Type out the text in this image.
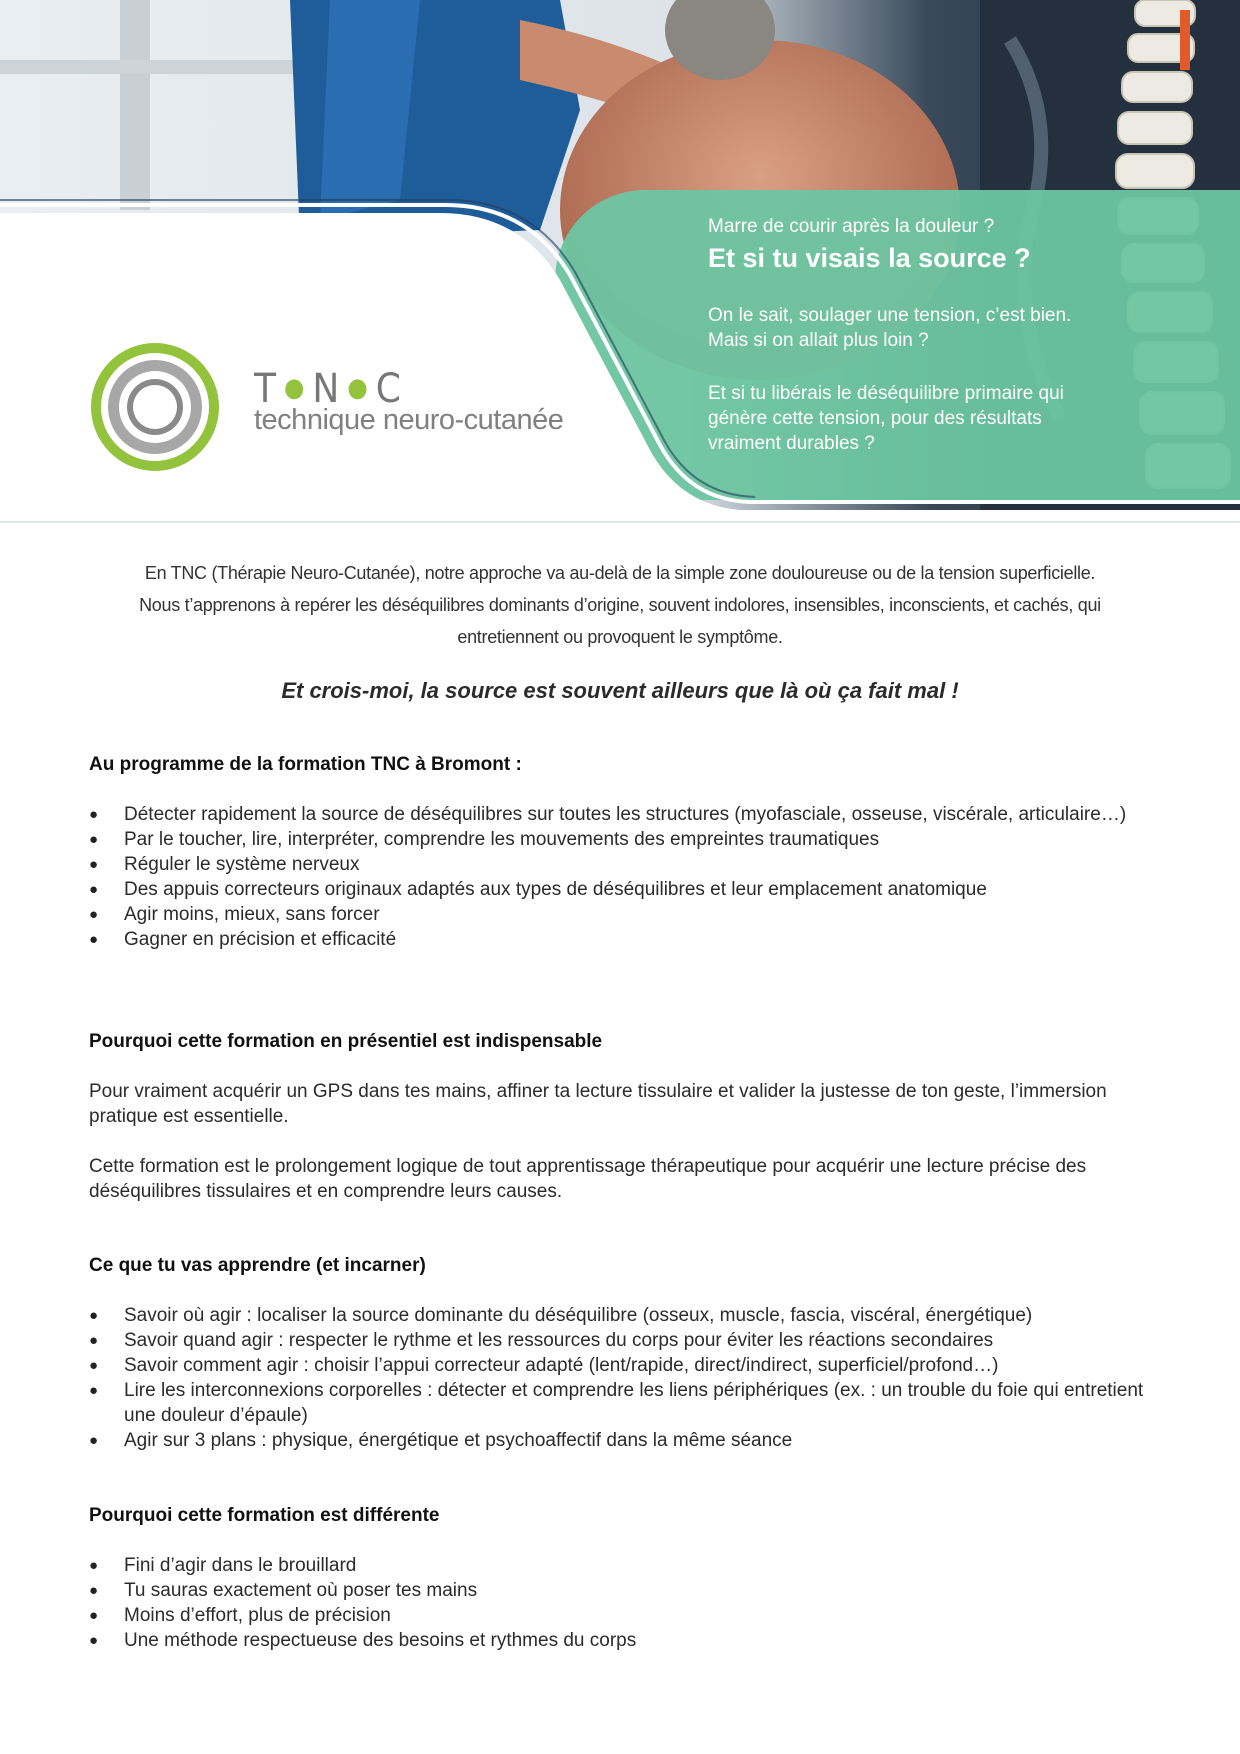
T ● N ● C
technique neuro-cutanée

Marre de courir après la douleur ?

Et si tu visais la source ?

On le sait, soulager une tension, c’est bien.
Mais si on allait plus loin ?

Et si tu libérais le déséquilibre primaire qui
génère cette tension, pour des résultats
vraiment durables ?

En TNC (Thérapie Neuro-Cutanée), notre approche va au-delà de la simple zone douloureuse ou de la tension superficielle.
Nous t’apprenons à repérer les déséquilibres dominants d’origine, souvent indolores, insensibles, inconscients, et cachés, qui
entretiennent ou provoquent le symptôme.
Et crois-moi, la source est souvent ailleurs que là où ça fait mal !
Au programme de la formation TNC à Bromont :
● Détecter rapidement la source de déséquilibres sur toutes les structures (myofasciale, osseuse, viscérale, articulaire…)
● Par le toucher, lire, interpréter, comprendre les mouvements des empreintes traumatiques
● Réguler le système nerveux
● Des appuis correcteurs originaux adaptés aux types de déséquilibres et leur emplacement anatomique
● Agir moins, mieux, sans forcer
● Gagner en précision et efficacité
Pourquoi cette formation en présentiel est indispensable

Pour vraiment acquérir un GPS dans tes mains, affiner ta lecture tissulaire et valider la justesse de ton geste, l’immersion pratique est essentielle.

Cette formation est le prolongement logique de tout apprentissage thérapeutique pour acquérir une lecture précise des déséquilibres tissulaires et en comprendre leurs causes.

Ce que tu vas apprendre (et incarner)
● Savoir où agir : localiser la source dominante du déséquilibre (osseux, muscle, fascia, viscéral, énergétique)
● Savoir quand agir : respecter le rythme et les ressources du corps pour éviter les réactions secondaires
● Savoir comment agir : choisir l’appui correcteur adapté (lent/rapide, direct/indirect, superficiel/profond…)
● Lire les interconnexions corporelles : détecter et comprendre les liens périphériques (ex. : un trouble du foie qui entretient une douleur d’épaule)
● Agir sur 3 plans : physique, énergétique et psychoaffectif dans la même séance
Pourquoi cette formation est différente
● Fini d’agir dans le brouillard
● Tu sauras exactement où poser tes mains
● Moins d’effort, plus de précision
● Une méthode respectueuse des besoins et rythmes du corps
